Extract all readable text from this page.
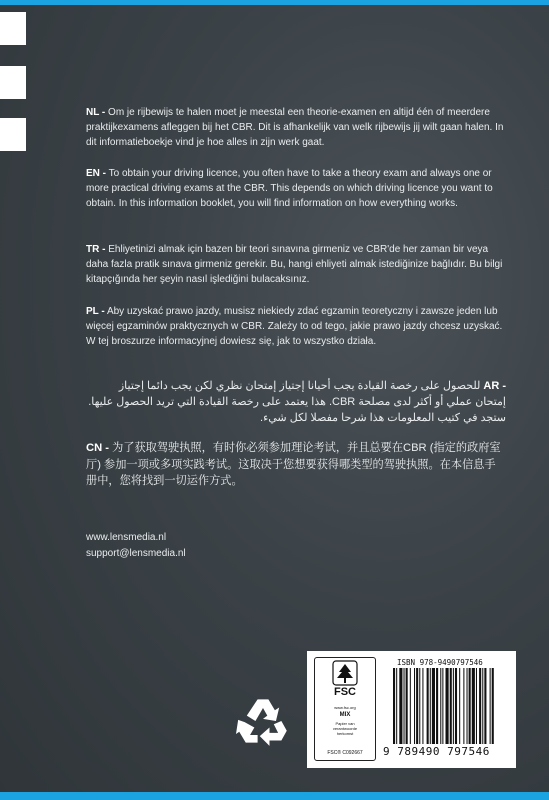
NL - Om je rijbewijs te halen moet je meestal een theorie-examen en altijd één of meerdere praktijkexamens afleggen bij het CBR. Dit is afhankelijk van welk rijbewijs jij wilt gaan halen. In dit informatieboekje vind je hoe alles in zijn werk gaat.
EN - To obtain your driving licence, you often have to take a theory exam and always one or more practical driving exams at the CBR. This depends on which driving licence you want to obtain. In this information booklet, you will find information on how everything works.
TR - Ehliyetinizi almak için bazen bir teori sınavına girmeniz ve CBR'de her zaman bir veya daha fazla pratik sınava girmeniz gerekir. Bu, hangi ehliyeti almak istediğinize bağlıdır. Bu bilgi kitapçığında her şeyin nasıl işlediğini bulacaksınız.
PL - Aby uzyskać prawo jazdy, musisz niekiedy zdać egzamin teoretyczny i zawsze jeden lub więcej egzaminów praktycznych w CBR. Zależy to od tego, jakie prawo jazdy chcesz uzyskać. W tej broszurze informacyjnej dowiesz się, jak to wszystko działa.
AR - للحصول على رخصة القيادة يجب أحيانا إجتياز إمتحان نظري لكن يجب دائما إجتياز إمتحان عملي أو أكثر لدى مصلحة CBR. هذا يعتمد على رخصة القيادة التي تريد الحصول عليها. ستجد في كتيب المعلومات هذا شرحا مفصلا لكل شيء.
CN - 为了获取驾驶执照，有时你必须参加理论考试，并且总要在CBR (指定的政府室厅) 参加一项或多项实践考试。这取决于您想要获得哪类型的驾驶执照。在本信息手册中，您将找到一切运作方式。
www.lensmedia.nl
support@lensmedia.nl
FSC
www.fsc.org
MIX
Papier van
verantwoorde
herkomst
FSC® C092667
ISBN 978-9490797546
9 789490 797546
